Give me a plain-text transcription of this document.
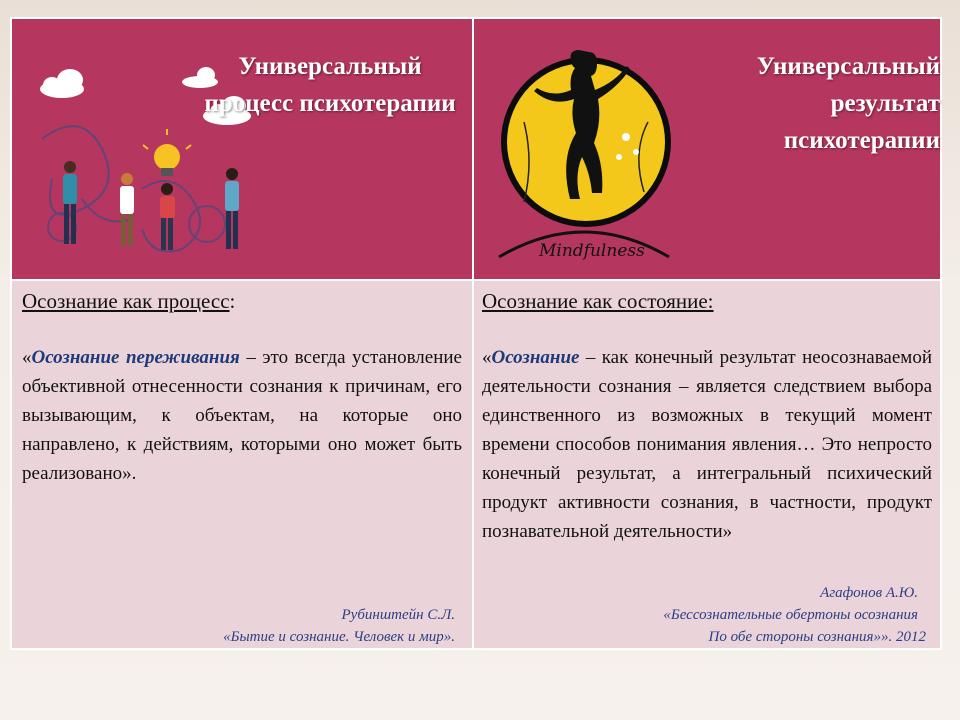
Универсальный процесс психотерапии
Mindfulness
Универсальный результат психотерапии
Осознание как процесс:
«Осознание переживания – это всегда установление объективной отнесенности сознания к причинам, его вызывающим, к объектам, на которые оно направлено, к действиям, которыми оно может быть реализовано».
Рубинштейн С.Л.
«Бытие и сознание. Человек и мир».
Осознание как состояние:
«Осознание – как конечный результат неосознаваемой деятельности сознания – является следствием выбора единственного из возможных в текущий момент времени способов понимания явления… Это непросто конечный результат, а интегральный психический продукт активности сознания, в частности, продукт познавательной деятельности»
Агафонов А.Ю.
«Бессознательные обертоны осознания
По обе стороны сознания»». 2012
